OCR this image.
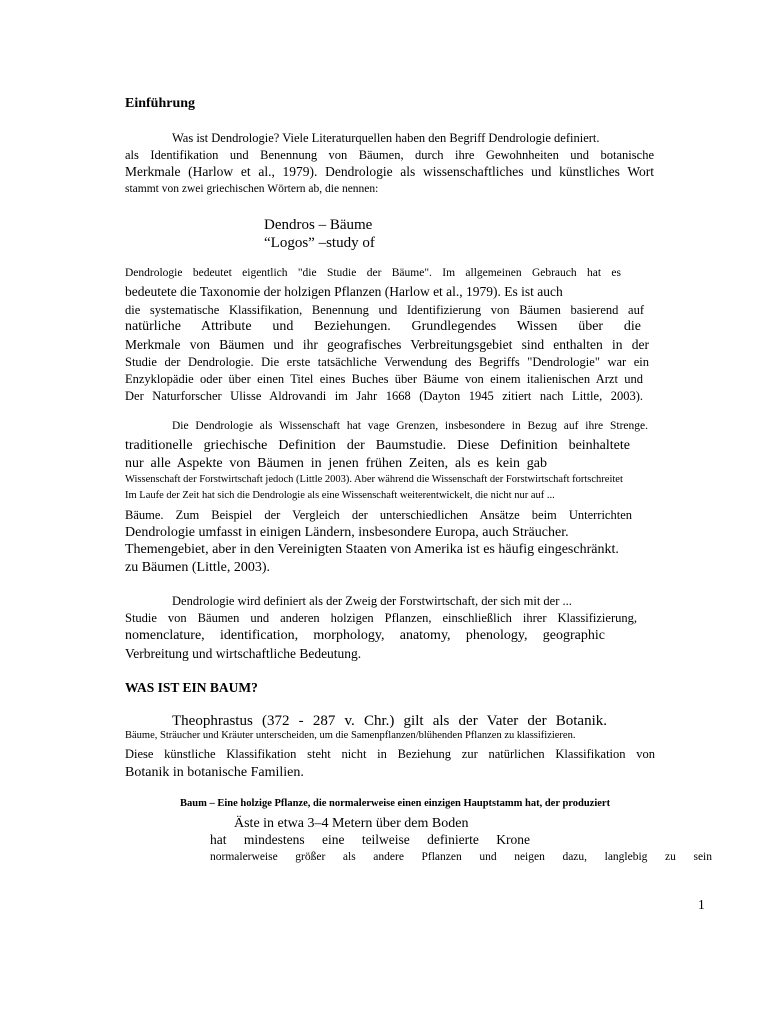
Einführung
Was ist Dendrologie? Viele Literaturquellen haben den Begriff Dendrologie definiert.
als Identifikation und Benennung von Bäumen, durch ihre Gewohnheiten und botanische
Merkmale (Harlow et al., 1979). Dendrologie als wissenschaftliches und künstliches Wort
stammt von zwei griechischen Wörtern ab, die nennen:
Dendros – Bäume
“Logos” –study of
Dendrologie bedeutet eigentlich "die Studie der Bäume". Im allgemeinen Gebrauch hat es
bedeutete die Taxonomie der holzigen Pflanzen (Harlow et al., 1979). Es ist auch
die systematische Klassifikation, Benennung und Identifizierung von Bäumen basierend auf
natürliche Attribute und Beziehungen. Grundlegendes Wissen über die
Merkmale von Bäumen und ihr geografisches Verbreitungsgebiet sind enthalten in der
Studie der Dendrologie. Die erste tatsächliche Verwendung des Begriffs "Dendrologie" war ein
Enzyklopädie oder über einen Titel eines Buches über Bäume von einem italienischen Arzt und
Der Naturforscher Ulisse Aldrovandi im Jahr 1668 (Dayton 1945 zitiert nach Little, 2003).
Die Dendrologie als Wissenschaft hat vage Grenzen, insbesondere in Bezug auf ihre Strenge.
traditionelle griechische Definition der Baumstudie. Diese Definition beinhaltete
nur alle Aspekte von Bäumen in jenen frühen Zeiten, als es kein gab
Wissenschaft der Forstwirtschaft jedoch (Little 2003). Aber während die Wissenschaft der Forstwirtschaft fortschreitet
Im Laufe der Zeit hat sich die Dendrologie als eine Wissenschaft weiterentwickelt, die nicht nur auf ...
Bäume. Zum Beispiel der Vergleich der unterschiedlichen Ansätze beim Unterrichten
Dendrologie umfasst in einigen Ländern, insbesondere Europa, auch Sträucher.
Themengebiet, aber in den Vereinigten Staaten von Amerika ist es häufig eingeschränkt.
zu Bäumen (Little, 2003).
Dendrologie wird definiert als der Zweig der Forstwirtschaft, der sich mit der ...
Studie von Bäumen und anderen holzigen Pflanzen, einschließlich ihrer Klassifizierung,
nomenclature, identification, morphology, anatomy, phenology, geographic
Verbreitung und wirtschaftliche Bedeutung.
WAS IST EIN BAUM?
Theophrastus (372 - 287 v. Chr.) gilt als der Vater der Botanik.
Bäume, Sträucher und Kräuter unterscheiden, um die Samenpflanzen/blühenden Pflanzen zu klassifizieren.
Diese künstliche Klassifikation steht nicht in Beziehung zur natürlichen Klassifikation von
Botanik in botanische Familien.
Baum – Eine holzige Pflanze, die normalerweise einen einzigen Hauptstamm hat, der produziert
Äste in etwa 3–4 Metern über dem Boden
hat mindestens eine teilweise definierte Krone
normalerweise größer als andere Pflanzen und neigen dazu, langlebig zu sein
1
